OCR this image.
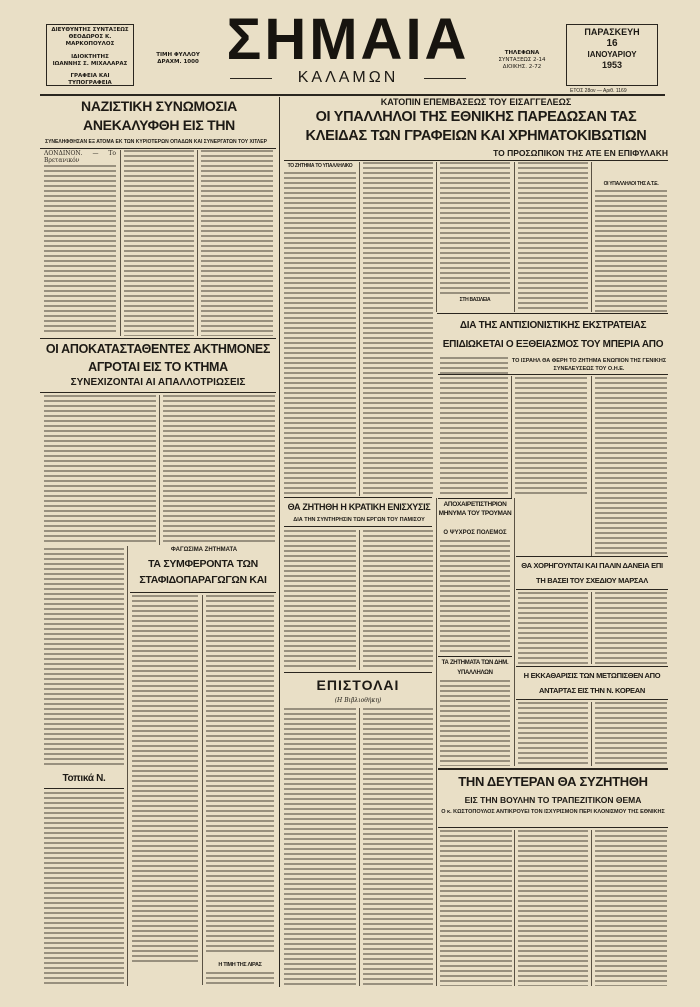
ΔΙΕΥΘΥΝΤΗΣ ΣΥΝΤΑΞΕΩΣ
ΘΕΟΔΩΡΟΣ Κ. ΜΑΡΚΟΠΟΥΛΟΣ
ΙΔΙΟΚΤΗΤΗΣ
ΙΩΑΝΝΗΣ Σ. ΜΙΧΑΛΑΡΑΣ
ΓΡΑΦΕΙΑ ΚΑΙ ΤΥΠΟΓΡΑΦΕΙΑ
ΤΙΜΗ ΦΥΛΛΟΥ
ΔΡΑΧΜ. 1000 ΣΗΜΑΙΑ
ΚΑΛΑΜΩΝ
ΤΗΛΕΦΩΝΑ
ΣΥΝΤΑΞΕΩΣ 2-14
ΔΙΟΙΚΗΣ. 2-72
ΠΑΡΑΣΚΕΥΗ
16
ΙΑΝΟΥΑΡΙΟΥ
1953
ΕΤΟΣ 28ον — Αριθ. 1169
ΝΑΖΙΣΤΙΚΗ ΣΥΝΩΜΟΣΙΑ ΑΝΕΚΑΛΥΦΘΗ ΕΙΣ ΤΗΝ
ΣΥΝΕΛΗΦΘΗΣΑΝ ΕΞ ΑΤΟΜΑ ΕΚ ΤΩΝ ΚΥΡΙΟΤΕΡΩΝ ΟΠΑΔΩΝ ΚΑΙ ΣΥΝΕΡΓΑΤΩΝ ΤΟΥ ΧΙΤΛΕΡ
ΛΟΝΔΙΝΟΝ. — Το Βρετανικόν
ΟΙ ΑΠΟΚΑΤΑΣΤΑΘΕΝΤΕΣ ΑΚΤΗΜΟΝΕΣ ΑΓΡΟΤΑΙ ΕΙΣ ΤΟ ΚΤΗΜΑ
ΣΥΝΕΧΙΖΟΝΤΑΙ ΑΙ ΑΠΑΛΛΟΤΡΙΩΣΕΙΣ
ΦΑΓΩΣΙΜΑ ΖΗΤΗΜΑΤΑ
ΤΑ ΣΥΜΦΕΡΟΝΤΑ ΤΩΝ ΣΤΑΦΙΔΟΠΑΡΑΓΩΓΩΝ ΚΑΙ
Τοπικά Ν.
Η ΤΙΜΗ ΤΗΣ ΛΙΡΑΣ
ΚΑΤΟΠΙΝ ΕΠΕΜΒΑΣΕΩΣ ΤΟΥ ΕΙΣΑΓΓΕΛΕΩΣ
ΟΙ ΥΠΑΛΛΗΛΟΙ ΤΗΣ ΕΘΝΙΚΗΣ ΠΑΡΕΔΩΣΑΝ ΤΑΣ ΚΛΕΙΔΑΣ ΤΩΝ ΓΡΑΦΕΙΩΝ ΚΑΙ ΧΡΗΜΑΤΟΚΙΒΩΤΙΩΝ
ΤΟ ΠΡΟΣΩΠΙΚΟΝ ΤΗΣ ΑΤΕ ΕΝ ΕΠΙΦΥΛΑΚΗ
ΤΟ ΖΗΤΗΜΑ ΤΟ ΥΠΑΛΛΗΛΙΚΟ
ΣΤΗ ΒΑΣΙΛΕΙΑ
ΟΙ ΥΠΑΛΛΗΛΟΙ ΤΗΣ Α.Τ.Ε.
ΔΙΑ ΤΗΣ ΑΝΤΙΣΙΟΝΙΣΤΙΚΗΣ ΕΚΣΤΡΑΤΕΙΑΣ ΕΠΙΔΙΩΚΕΤΑΙ Ο ΕΞΘΕΙΑΣΜΟΣ ΤΟΥ ΜΠΕΡΙΑ ΑΠΟ
ΤΟ ΙΣΡΑΗΛ ΘΑ ΦΕΡΗ ΤΟ ΖΗΤΗΜΑ ΕΝΩΠΙΟΝ ΤΗΣ ΓΕΝΙΚΗΣ ΣΥΝΕΛΕΥΣΕΩΣ ΤΟΥ Ο.Η.Ε.
ΘΑ ΖΗΤΗΘΗ Η ΚΡΑΤΙΚΗ ΕΝΙΣΧΥΣΙΣ
ΔΙΑ ΤΗΝ ΣΥΝΤΗΡΗΣΙΝ ΤΩΝ ΕΡΓΩΝ ΤΟΥ ΠΑΜΙΣΟΥ
ΑΠΟΧΑΙΡΕΤΙΣΤΗΡΙΟΝ ΜΗΝΥΜΑ ΤΟΥ ΤΡΟΥΜΑΝ
Ο ΨΥΧΡΟΣ ΠΟΛΕΜΟΣ
ΤΑ ΖΗΤΗΜΑΤΑ ΤΩΝ ΔΗΜ. ΥΠΑΛΛΗΛΩΝ
ΘΑ ΧΟΡΗΓΟΥΝΤΑΙ ΚΑΙ ΠΑΛΙΝ ΔΑΝΕΙΑ ΕΠΙ ΤΗ ΒΑΣΕΙ ΤΟΥ ΣΧΕΔΙΟΥ ΜΑΡΣΑΛ
Η ΕΚΚΑΘΑΡΙΣΙΣ ΤΩΝ ΜΕΤΩΠΙΣΘΕΝ ΑΠΟ ΑΝΤΑΡΤΑΣ ΕΙΣ ΤΗΝ Ν. ΚΟΡΕΑΝ
ΕΠΙΣΤΟΛΑΙ
(Η Βιβλιοθήκη)
ΤΗΝ ΔΕΥΤΕΡΑΝ ΘΑ ΣΥΖΗΤΗΘΗ
ΕΙΣ ΤΗΝ ΒΟΥΛΗΝ ΤΟ ΤΡΑΠΕΖΙΤΙΚΟΝ ΘΕΜΑ
Ο κ. ΚΩΣΤΟΠΟΥΛΟΣ ΑΝΤΙΚΡΟΥΕΙ ΤΟΝ ΙΣΧΥΡΙΣΜΟΝ ΠΕΡΙ ΚΛΟΝΙΣΜΟΥ ΤΗΣ ΕΘΝΙΚΗΣ
